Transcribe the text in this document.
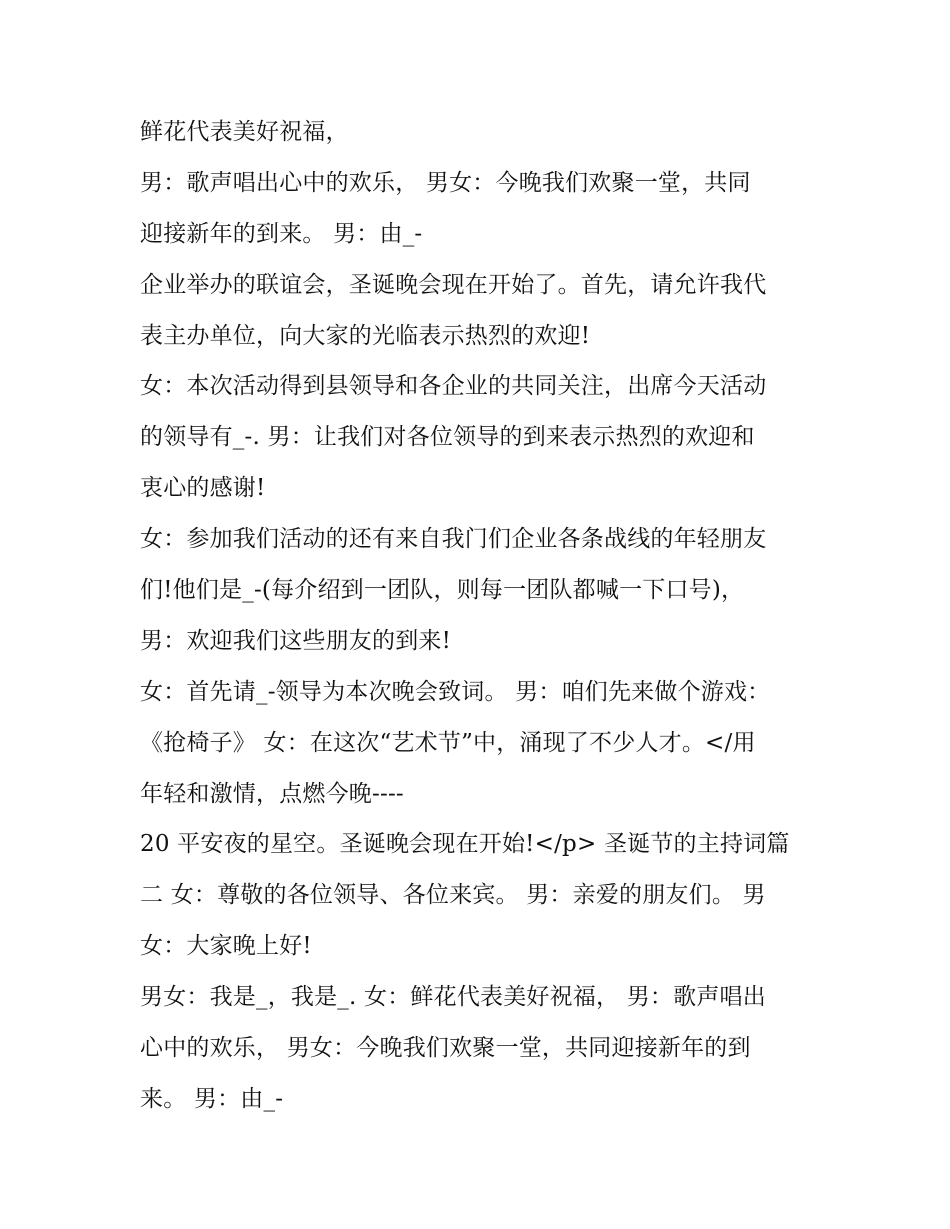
鲜花代表美好祝福，
男：歌声唱出心中的欢乐， 男女：今晚我们欢聚一堂，共同
迎接新年的到来。 男：由_-
企业举办的联谊会，圣诞晚会现在开始了。首先，请允许我代
表主办单位，向大家的光临表示热烈的欢迎!
女：本次活动得到县领导和各企业的共同关注，出席今天活动
的领导有_-. 男：让我们对各位领导的到来表示热烈的欢迎和
衷心的感谢!
女：参加我们活动的还有来自我门们企业各条战线的年轻朋友
们!他们是_-(每介绍到一团队，则每一团队都喊一下口号)，
男：欢迎我们这些朋友的到来!
女：首先请_-领导为本次晚会致词。 男：咱们先来做个游戏：
《抢椅子》 女：在这次“艺术节”中，涌现了不少人才。</用
年轻和激情，点燃今晚----
20 平安夜的星空。圣诞晚会现在开始!</p> 圣诞节的主持词篇
二 女：尊敬的各位领导、各位来宾。 男：亲爱的朋友们。 男
女：大家晚上好!
男女：我是_，我是_. 女：鲜花代表美好祝福， 男：歌声唱出
心中的欢乐， 男女：今晚我们欢聚一堂，共同迎接新年的到
来。 男：由_-
